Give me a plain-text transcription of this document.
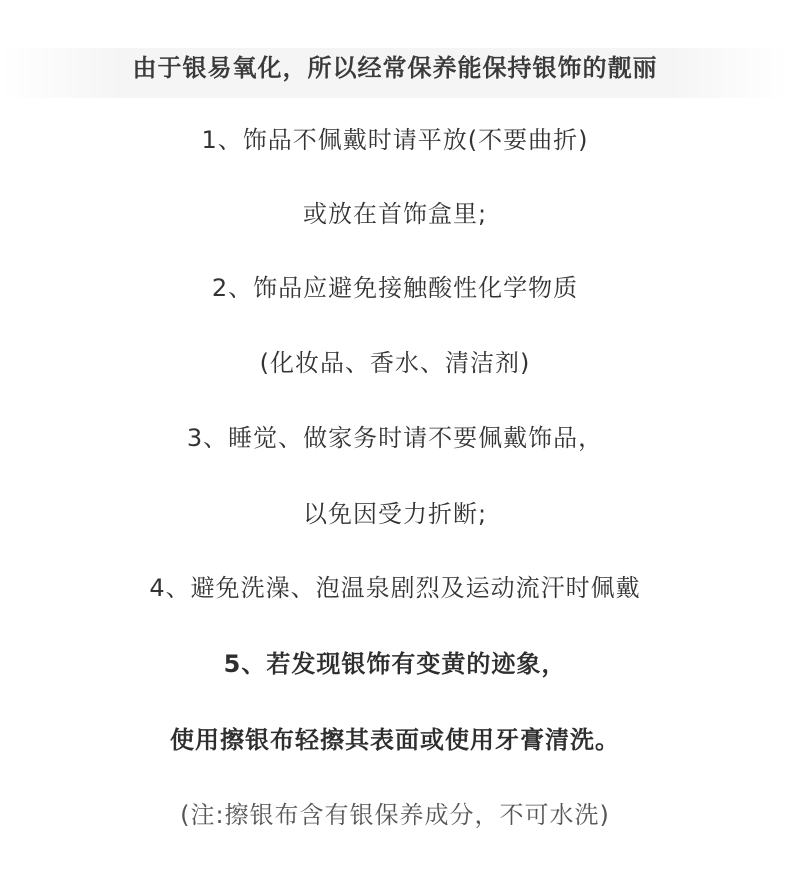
由于银易氧化，所以经常保养能保持银饰的靓丽
1、饰品不佩戴时请平放(不要曲折)
或放在首饰盒里;
2、饰品应避免接触酸性化学物质
(化妆品、香水、清洁剂)
3、睡觉、做家务时请不要佩戴饰品，
以免因受力折断;
4、避免洗澡、泡温泉剧烈及运动流汗时佩戴
5、若发现银饰有变黄的迹象，
使用擦银布轻擦其表面或使用牙膏清洗。
(注:擦银布含有银保养成分，不可水洗)
